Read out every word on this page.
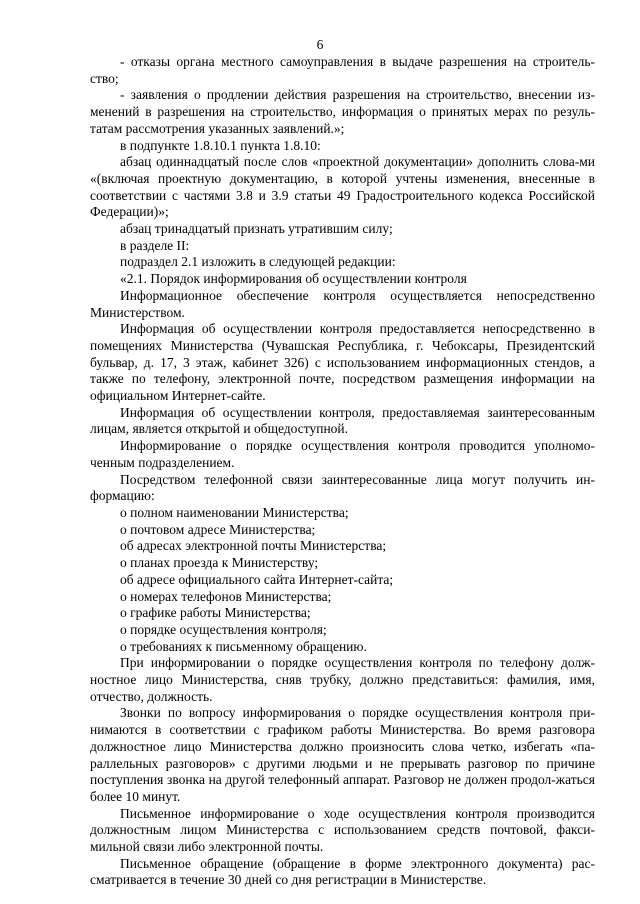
6

- отказы органа местного самоуправления в выдаче разрешения на строитель-ство;

- заявления о продлении действия разрешения на строительство, внесении из-менений в разрешения на строительство, информация о принятых мерах по резуль-татам рассмотрения указанных заявлений.»;

в подпункте 1.8.10.1 пункта 1.8.10:

абзац одиннадцатый после слов «проектной документации» дополнить слова-ми «(включая проектную документацию, в которой учтены изменения, внесенные в соответствии с частями 3.8 и 3.9 статьи 49 Градостроительного кодекса Российской Федерации)»;

абзац тринадцатый признать утратившим силу;

в разделе II:

подраздел 2.1 изложить в следующей редакции:

«2.1. Порядок информирования об осуществлении контроля

Информационное обеспечение контроля осуществляется непосредственно Министерством.

Информация об осуществлении контроля предоставляется непосредственно в помещениях Министерства (Чувашская Республика, г. Чебоксары, Президентский бульвар, д. 17, 3 этаж, кабинет 326) с использованием информационных стендов, а также по телефону, электронной почте, посредством размещения информации на официальном Интернет-сайте.

Информация об осуществлении контроля, предоставляемая заинтересованным лицам, является открытой и общедоступной.

Информирование о порядке осуществления контроля проводится уполномо-ченным подразделением.

Посредством телефонной связи заинтересованные лица могут получить ин-формацию:

о полном наименовании Министерства;

о почтовом адресе Министерства;

об адресах электронной почты Министерства;

о планах проезда к Министерству;

об адресе официального сайта Интернет-сайта;

о номерах телефонов Министерства;

о графике работы Министерства;

о порядке осуществления контроля;

о требованиях к письменному обращению.

При информировании о порядке осуществления контроля по телефону долж-ностное лицо Министерства, сняв трубку, должно представиться: фамилия, имя, отчество, должность.

Звонки по вопросу информирования о порядке осуществления контроля при-нимаются в соответствии с графиком работы Министерства. Во время разговора должностное лицо Министерства должно произносить слова четко, избегать «па-раллельных разговоров» с другими людьми и не прерывать разговор по причине поступления звонка на другой телефонный аппарат. Разговор не должен продол-жаться более 10 минут.

Письменное информирование о ходе осуществления контроля производится должностным лицом Министерства с использованием средств почтовой, факси-мильной связи либо электронной почты.

Письменное обращение (обращение в форме электронного документа) рас-сматривается в течение 30 дней со дня регистрации в Министерстве.
